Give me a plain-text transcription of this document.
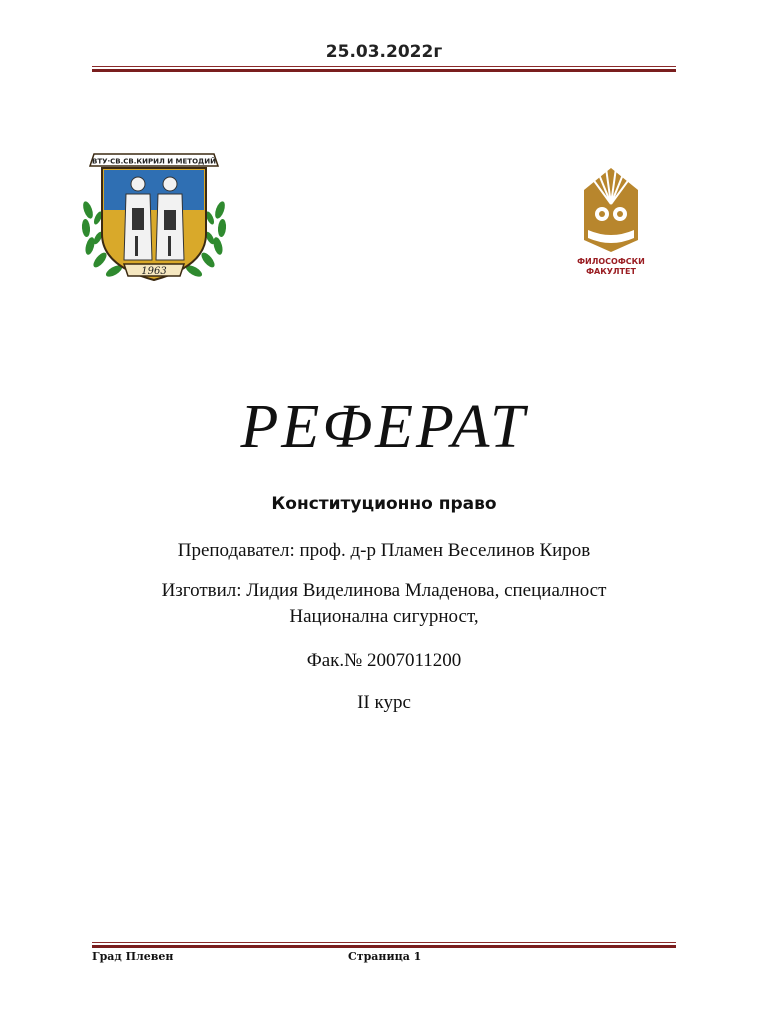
25.03.2022г
ВТУ·СВ.СВ.КИРИЛ И МЕТОДИЙ
1963
ФИЛОСОФСКИ
ФАКУЛТЕТ
РЕФЕРАТ
Конституционно право
Преподавател: проф. д-р Пламен Веселинов Киров
Изготвил: Лидия Виделинова Младенова, специалност
Национална сигурност,
Фак.№ 2007011200
II курс
Град Плевен	Страница 1
